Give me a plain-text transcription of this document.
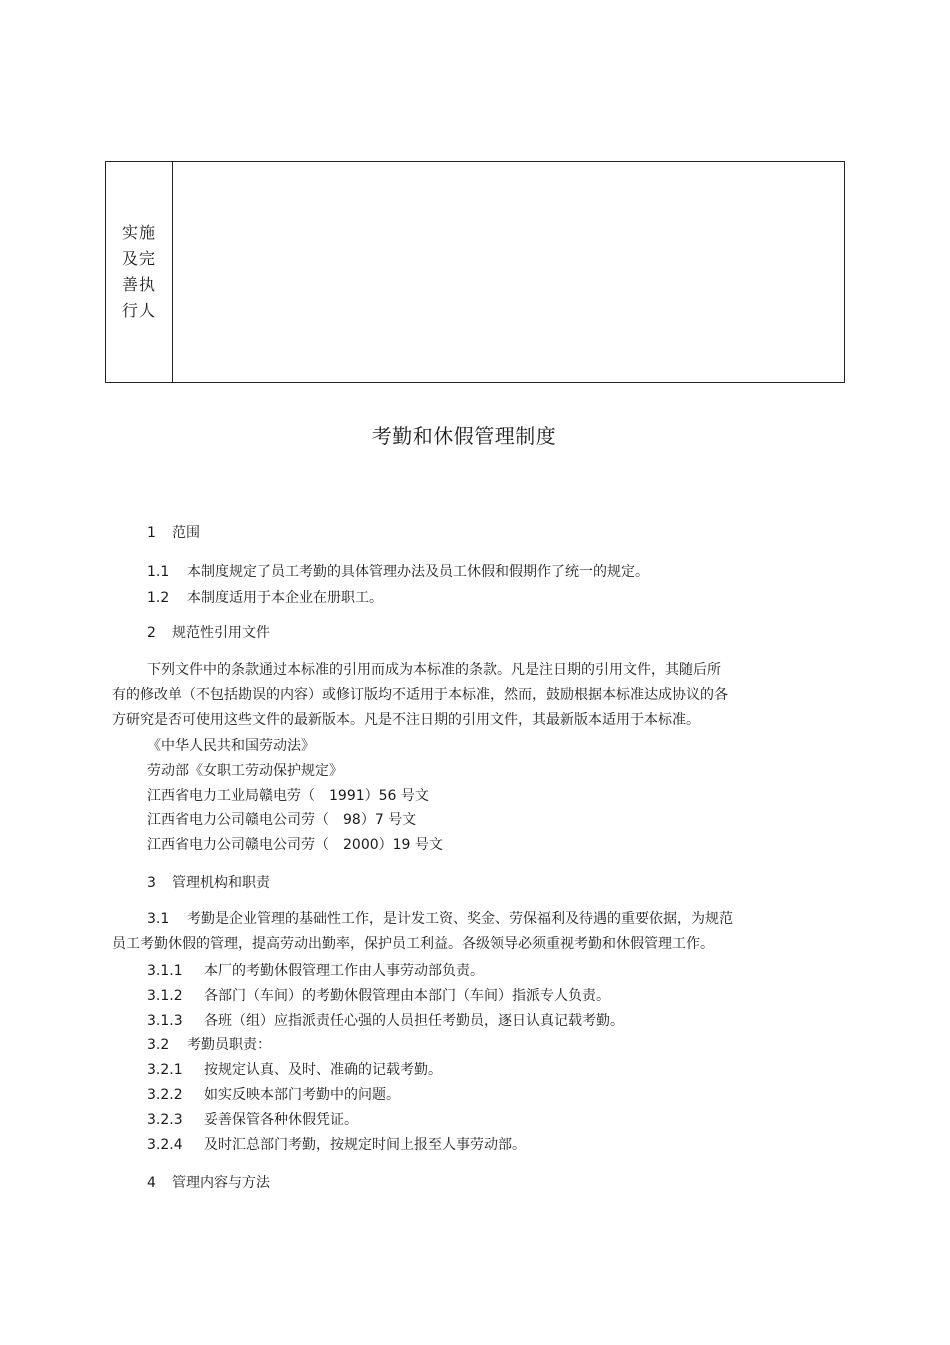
实施及完善执行人
考勤和休假管理制度
1 范围
1.1 本制度规定了员工考勤的具体管理办法及员工休假和假期作了统一的规定。
1.2 本制度适用于本企业在册职工。
2 规范性引用文件
下列文件中的条款通过本标准的引用而成为本标准的条款。凡是注日期的引用文件，其随后所
有的修改单（不包括勘误的内容）或修订版均不适用于本标准，然而，鼓励根据本标准达成协议的各
方研究是否可使用这些文件的最新版本。凡是不注日期的引用文件，其最新版本适用于本标准。
《中华人民共和国劳动法》
劳动部《女职工劳动保护规定》
江西省电力工业局赣电劳（　1991）56 号文
江西省电力公司赣电公司劳（　98）7 号文
江西省电力公司赣电公司劳（　2000）19 号文
3 管理机构和职责
3.1 考勤是企业管理的基础性工作，是计发工资、奖金、劳保福利及待遇的重要依据，为规范
员工考勤休假的管理，提高劳动出勤率，保护员工利益。各级领导必须重视考勤和休假管理工作。
3.1.1 本厂的考勤休假管理工作由人事劳动部负责。
3.1.2 各部门（车间）的考勤休假管理由本部门（车间）指派专人负责。
3.1.3 各班（组）应指派责任心强的人员担任考勤员，逐日认真记载考勤。
3.2 考勤员职责：
3.2.1 按规定认真、及时、准确的记载考勤。
3.2.2 如实反映本部门考勤中的问题。
3.2.3 妥善保管各种休假凭证。
3.2.4 及时汇总部门考勤，按规定时间上报至人事劳动部。
4 管理内容与方法
